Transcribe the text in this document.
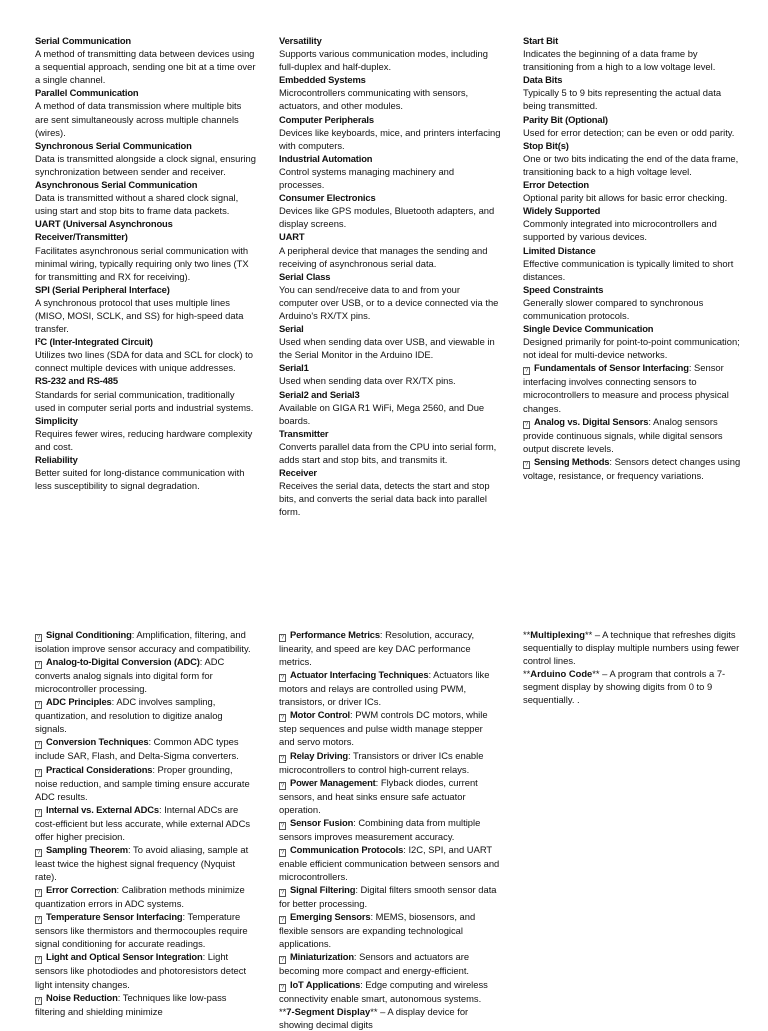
Serial Communication
A method of transmitting data between devices using a sequential approach, sending one bit at a time over a single channel.
Parallel Communication
A method of data transmission where multiple bits are sent simultaneously across multiple channels (wires).
Synchronous Serial Communication
Data is transmitted alongside a clock signal, ensuring synchronization between sender and receiver.
Asynchronous Serial Communication
Data is transmitted without a shared clock signal, using start and stop bits to frame data packets.
UART (Universal Asynchronous Receiver/Transmitter)
Facilitates asynchronous serial communication with minimal wiring, typically requiring only two lines (TX for transmitting and RX for receiving).
SPI (Serial Peripheral Interface)
A synchronous protocol that uses multiple lines (MISO, MOSI, SCLK, and SS) for high-speed data transfer.
I²C (Inter-Integrated Circuit)
Utilizes two lines (SDA for data and SCL for clock) to connect multiple devices with unique addresses.
RS-232 and RS-485
Standards for serial communication, traditionally used in computer serial ports and industrial systems.
Simplicity
Requires fewer wires, reducing hardware complexity and cost.
Reliability
Better suited for long-distance communication with less susceptibility to signal degradation.
Versatility
Supports various communication modes, including full-duplex and half-duplex.
Embedded Systems
Microcontrollers communicating with sensors, actuators, and other modules.
Computer Peripherals
Devices like keyboards, mice, and printers interfacing with computers.
Industrial Automation
Control systems managing machinery and processes.
Consumer Electronics
Devices like GPS modules, Bluetooth adapters, and display screens.
UART
A peripheral device that manages the sending and receiving of asynchronous serial data.
Serial Class
You can send/receive data to and from your computer over USB, or to a device connected via the Arduino's RX/TX pins.
Serial
Used when sending data over USB, and viewable in the Serial Monitor in the Arduino IDE.
Serial1
Used when sending data over RX/TX pins.
Serial2 and Serial3
Available on GIGA R1 WiFi, Mega 2560, and Due boards.
Transmitter
Converts parallel data from the CPU into serial form, adds start and stop bits, and transmits it.
Receiver
Receives the serial data, detects the start and stop bits, and converts the serial data back into parallel form.
Start Bit
Indicates the beginning of a data frame by transitioning from a high to a low voltage level.
Data Bits
Typically 5 to 9 bits representing the actual data being transmitted.
Parity Bit (Optional)
Used for error detection; can be even or odd parity.
Stop Bit(s)
One or two bits indicating the end of the data frame, transitioning back to a high voltage level.
Error Detection
Optional parity bit allows for basic error checking.
Widely Supported
Commonly integrated into microcontrollers and supported by various devices.
Limited Distance
Effective communication is typically limited to short distances.
Speed Constraints
Generally slower compared to synchronous communication protocols.
Single Device Communication
Designed primarily for point-to-point communication; not ideal for multi-device networks.
? Fundamentals of Sensor Interfacing: Sensor interfacing involves connecting sensors to microcontrollers to measure and process physical changes.
? Analog vs. Digital Sensors: Analog sensors provide continuous signals, while digital sensors output discrete levels.
? Sensing Methods: Sensors detect changes using voltage, resistance, or frequency variations.
? Signal Conditioning: Amplification, filtering, and isolation improve sensor accuracy and compatibility.
? Analog-to-Digital Conversion (ADC): ADC converts analog signals into digital form for microcontroller processing.
? ADC Principles: ADC involves sampling, quantization, and resolution to digitize analog signals.
? Conversion Techniques: Common ADC types include SAR, Flash, and Delta-Sigma converters.
? Practical Considerations: Proper grounding, noise reduction, and sample timing ensure accurate ADC results.
? Internal vs. External ADCs: Internal ADCs are cost-efficient but less accurate, while external ADCs offer higher precision.
? Sampling Theorem: To avoid aliasing, sample at least twice the highest signal frequency (Nyquist rate).
? Error Correction: Calibration methods minimize quantization errors in ADC systems.
? Temperature Sensor Interfacing: Temperature sensors like thermistors and thermocouples require signal conditioning for accurate readings.
? Light and Optical Sensor Integration: Light sensors like photodiodes and photoresistors detect light intensity changes.
? Noise Reduction: Techniques like low-pass filtering and shielding minimize
? Performance Metrics: Resolution, accuracy, linearity, and speed are key DAC performance metrics.
? Actuator Interfacing Techniques: Actuators like motors and relays are controlled using PWM, transistors, or driver ICs.
? Motor Control: PWM controls DC motors, while step sequences and pulse width manage stepper and servo motors.
? Relay Driving: Transistors or driver ICs enable microcontrollers to control high-current relays.
? Power Management: Flyback diodes, current sensors, and heat sinks ensure safe actuator operation.
? Sensor Fusion: Combining data from multiple sensors improves measurement accuracy.
? Communication Protocols: I2C, SPI, and UART enable efficient communication between sensors and microcontrollers.
? Signal Filtering: Digital filters smooth sensor data for better processing.
? Emerging Sensors: MEMS, biosensors, and flexible sensors are expanding technological applications.
? Miniaturization: Sensors and actuators are becoming more compact and energy-efficient.
? IoT Applications: Edge computing and wireless connectivity enable smart, autonomous systems.
**7-Segment Display** – A display device for showing decimal digits
**Multiplexing** – A technique that refreshes digits sequentially to display multiple numbers using fewer control lines.
**Arduino Code** – A program that controls a 7-segment display by showing digits from 0 to 9 sequentially. .
